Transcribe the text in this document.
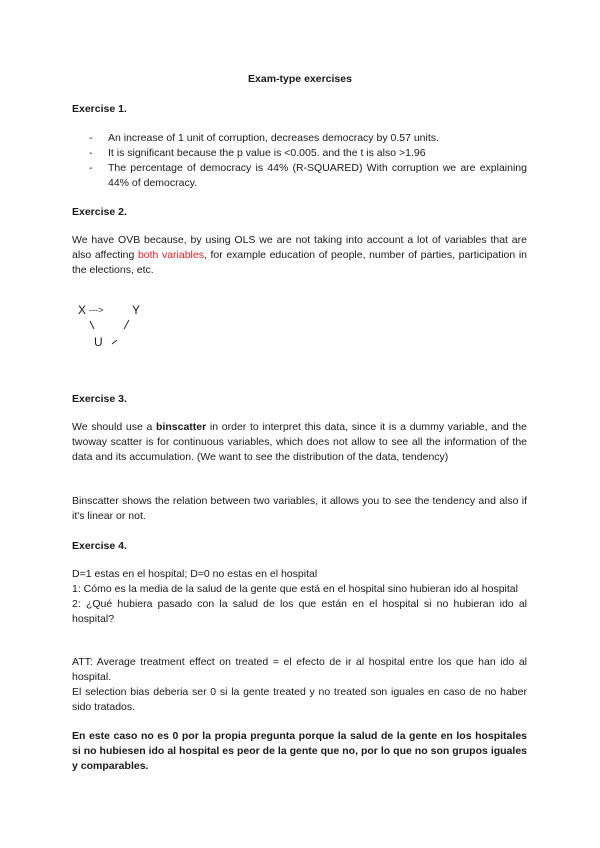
Exam-type exercises
Exercise 1.
- An increase of 1 unit of corruption, decreases democracy by 0.57 units.
- It is significant because the p value is <0.005. and the t is also >1.96
- The percentage of democracy is 44% (R-SQUARED) With corruption we are explaining 44% of democracy.
Exercise 2.
We have OVB because, by using OLS we are not taking into account a lot of variables that are also affecting both variables, for example education of people, number of parties, participation in the elections, etc.
X ---> Y
U
Exercise 3.
We should use a binscatter in order to interpret this data, since it is a dummy variable, and the twoway scatter is for continuous variables, which does not allow to see all the information of the data and its accumulation. (We want to see the distribution of the data, tendency)
Binscatter shows the relation between two variables, it allows you to see the tendency and also if it's linear or not.
Exercise 4.
D=1 estas en el hospital; D=0 no estas en el hospital
1: Cómo es la media de la salud de la gente que está en el hospital sino hubieran ido al hospital
2: ¿Qué hubiera pasado con la salud de los que están en el hospital si no hubieran ido al hospital?
ATT: Average treatment effect on treated = el efecto de ir al hospital entre los que han ido al hospital.
El selection bias deberia ser 0 si la gente treated y no treated son iguales en caso de no haber sido tratados.
En este caso no es 0 por la propia pregunta porque la salud de la gente en los hospitales si no hubiesen ido al hospital es peor de la gente que no, por lo que no son grupos iguales y comparables.
